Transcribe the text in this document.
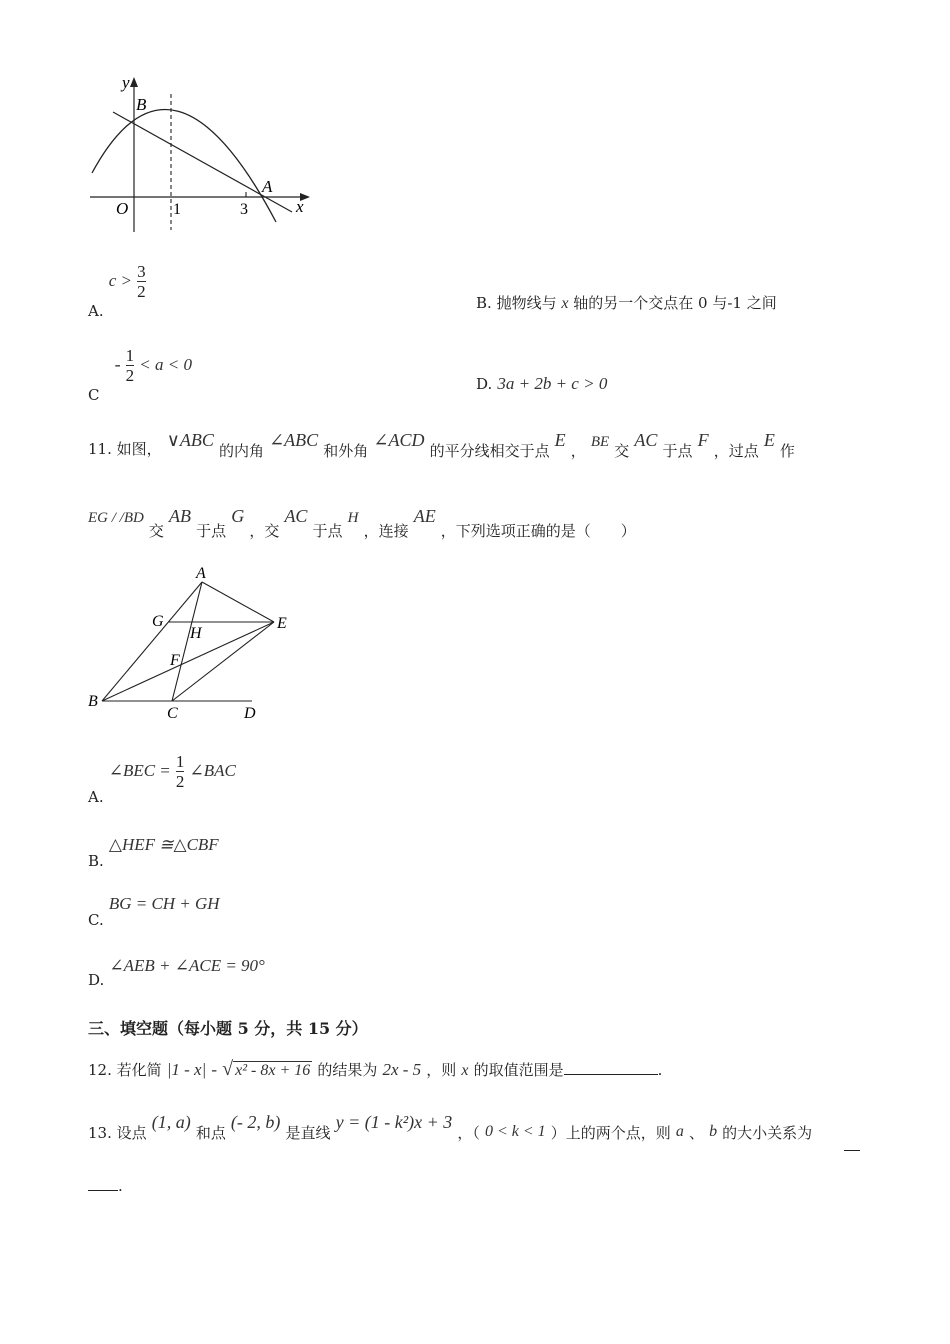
y
x
O	1	3
B
A
A. $c > \frac{3}{2}$
B. 抛物线与 x 轴的另一个交点在 0 与-1 之间
$C - \frac{1}{2} < a < 0$
D. 3a + 2b + c > 0
11. 如图， ∨ABC 的内角 ∠ABC 和外角 ∠ACD 的平分线相交于点 E ， BE 交 AC 于点 F ，过点 E 作
EG / /BD 交 AB 于点 G ，交 AC 于点 H ，连接 AE ，下列选项正确的是（　　）
A
G
H
E
F
B
C	D
A. ∠BEC = $\frac{1}{2}$ ∠BAC
B. △HEF ≅△CBF
C. BG = CH + GH
D. ∠AEB + ∠ACE = 90°
三、填空题（每小题 5 分，共 15 分）
12. 若化简 |1 - x| - √ x² - 8x + 16 的结果为 2x - 5 ，则 x 的取值范围是	.
13. 设点 (1, a) 和点 (- 2, b) 是直线 y = (1 - k²)x + 3 ，（ 0 < k < 1 ）上的两个点，则 a 、 b 的大小关系为
.
